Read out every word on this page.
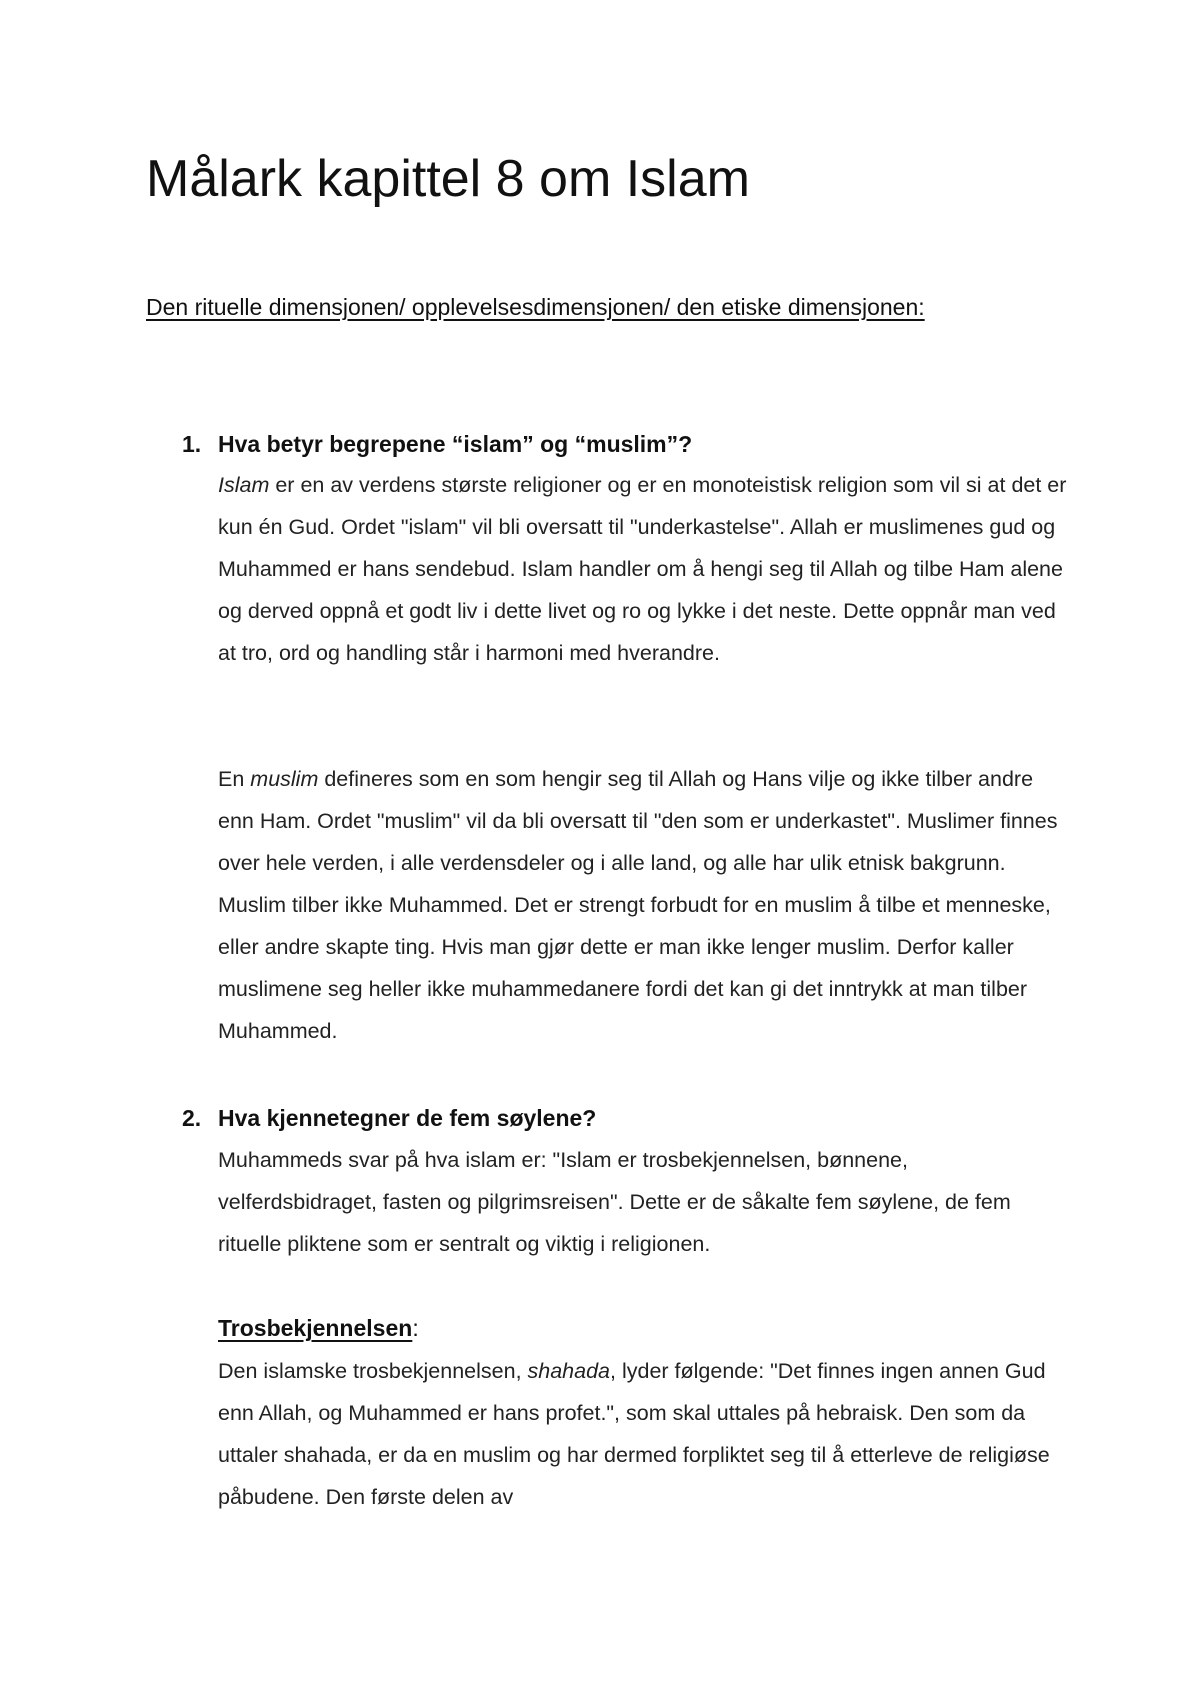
Målark kapittel 8 om Islam
Den rituelle dimensjonen/ opplevelsesdimensjonen/ den etiske dimensjonen:
1. Hva betyr begrepene “islam” og “muslim”?

Islam er en av verdens største religioner og er en monoteistisk religion som vil si at det er kun én Gud. Ordet "islam" vil bli oversatt til "underkastelse". Allah er muslimenes gud og Muhammed er hans sendebud. Islam handler om å hengi seg til Allah og tilbe Ham alene og derved oppnå et godt liv i dette livet og ro og lykke i det neste. Dette oppnår man ved at tro, ord og handling står i harmoni med hverandre.

En muslim defineres som en som hengir seg til Allah og Hans vilje og ikke tilber andre enn Ham. Ordet "muslim" vil da bli oversatt til "den som er underkastet". Muslimer finnes over hele verden, i alle verdensdeler og i alle land, og alle har ulik etnisk bakgrunn. Muslim tilber ikke Muhammed. Det er strengt forbudt for en muslim å tilbe et menneske, eller andre skapte ting. Hvis man gjør dette er man ikke lenger muslim. Derfor kaller muslimene seg heller ikke muhammedanere fordi det kan gi det inntrykk at man tilber Muhammed.

2. Hva kjennetegner de fem søylene?

Muhammeds svar på hva islam er: "Islam er trosbekjennelsen, bønnene, velferdsbidraget, fasten og pilgrimsreisen". Dette er de såkalte fem søylene, de fem rituelle pliktene som er sentralt og viktig i religionen.

Trosbekjennelsen:

Den islamske trosbekjennelsen, shahada, lyder følgende: "Det finnes ingen annen Gud enn Allah, og Muhammed er hans profet.", som skal uttales på hebraisk. Den som da uttaler shahada, er da en muslim og har dermed forpliktet seg til å etterleve de religiøse påbudene. Den første delen av
